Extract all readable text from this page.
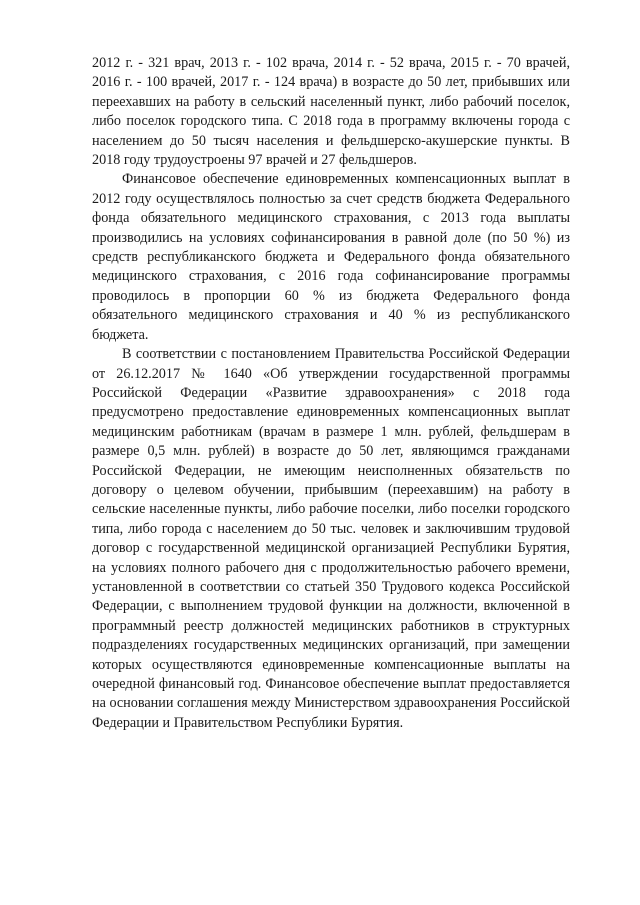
2012 г. - 321 врач, 2013 г. - 102 врача, 2014 г. - 52 врача, 2015 г. - 70 врачей, 2016 г. - 100 врачей, 2017 г. - 124 врача) в возрасте до 50 лет, прибывших или переехавших на работу в сельский населенный пункт, либо рабочий поселок, либо поселок городского типа. С 2018 года в программу включены города с населением до 50 тысяч населения и фельдшерско-акушерские пункты. В 2018 году трудоустроены 97 врачей и 27 фельдшеров.

Финансовое обеспечение единовременных компенсационных выплат в 2012 году осуществлялось полностью за счет средств бюджета Федерального фонда обязательного медицинского страхования, с 2013 года выплаты производились на условиях софинансирования в равной доле (по 50 %) из средств республиканского бюджета и Федерального фонда обязательного медицинского страхования, с 2016 года софинансирование программы проводилось в пропорции 60 % из бюджета Федерального фонда обязательного медицинского страхования и 40 % из республиканского бюджета.

В соответствии с постановлением Правительства Российской Федерации от 26.12.2017 № 1640 «Об утверждении государственной программы Российской Федерации «Развитие здравоохранения» с 2018 года предусмотрено предоставление единовременных компенсационных выплат медицинским работникам (врачам в размере 1 млн. рублей, фельдшерам в размере 0,5 млн. рублей) в возрасте до 50 лет, являющимся гражданами Российской Федерации, не имеющим неисполненных обязательств по договору о целевом обучении, прибывшим (переехавшим) на работу в сельские населенные пункты, либо рабочие поселки, либо поселки городского типа, либо города с населением до 50 тыс. человек и заключившим трудовой договор с государственной медицинской организацией Республики Бурятия, на условиях полного рабочего дня с продолжительностью рабочего времени, установленной в соответствии со статьей 350 Трудового кодекса Российской Федерации, с выполнением трудовой функции на должности, включенной в программный реестр должностей медицинских работников в структурных подразделениях государственных медицинских организаций, при замещении которых осуществляются единовременные компенсационные выплаты на очередной финансовый год. Финансовое обеспечение выплат предоставляется на основании соглашения между Министерством здравоохранения Российской Федерации и Правительством Республики Бурятия.
